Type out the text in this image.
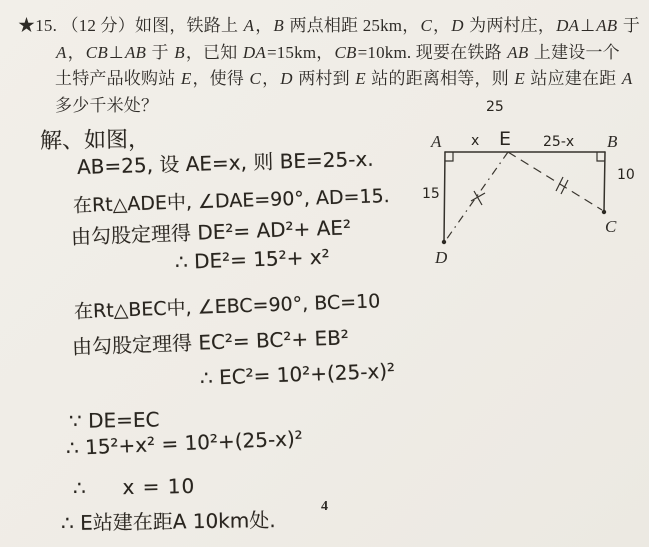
★15. （12 分）如图，铁路上 A，B 两点相距 25km，C，D 为两村庄，DA⊥AB 于
A，CB⊥AB 于 B，已知 DA=15km，CB=10km. 现要在铁路 AB 上建设一个
土特产品收购站 E，使得 C，D 两村到 E 站的距离相等，则 E 站应建在距 A
多少千米处？
解、如图，
AB=25, 设 AE=x, 则 BE=25-x.
在Rt△ADE中, ∠DAE=90°, AD=15.
由勾股定理得 DE²= AD²+ AE²
∴ DE²= 15²+ x²
在Rt△BEC中, ∠EBC=90°, BC=10
由勾股定理得 EC²= BC²+ EB²
∴ EC²= 10²+(25-x)²
∵ DE=EC
∴ 15²+x² = 10²+(25-x)²
∴ 　 x = 10
∴ E站建在距A 10km处.
4
A	B
C
D
E
25
x	25-x
15
10
